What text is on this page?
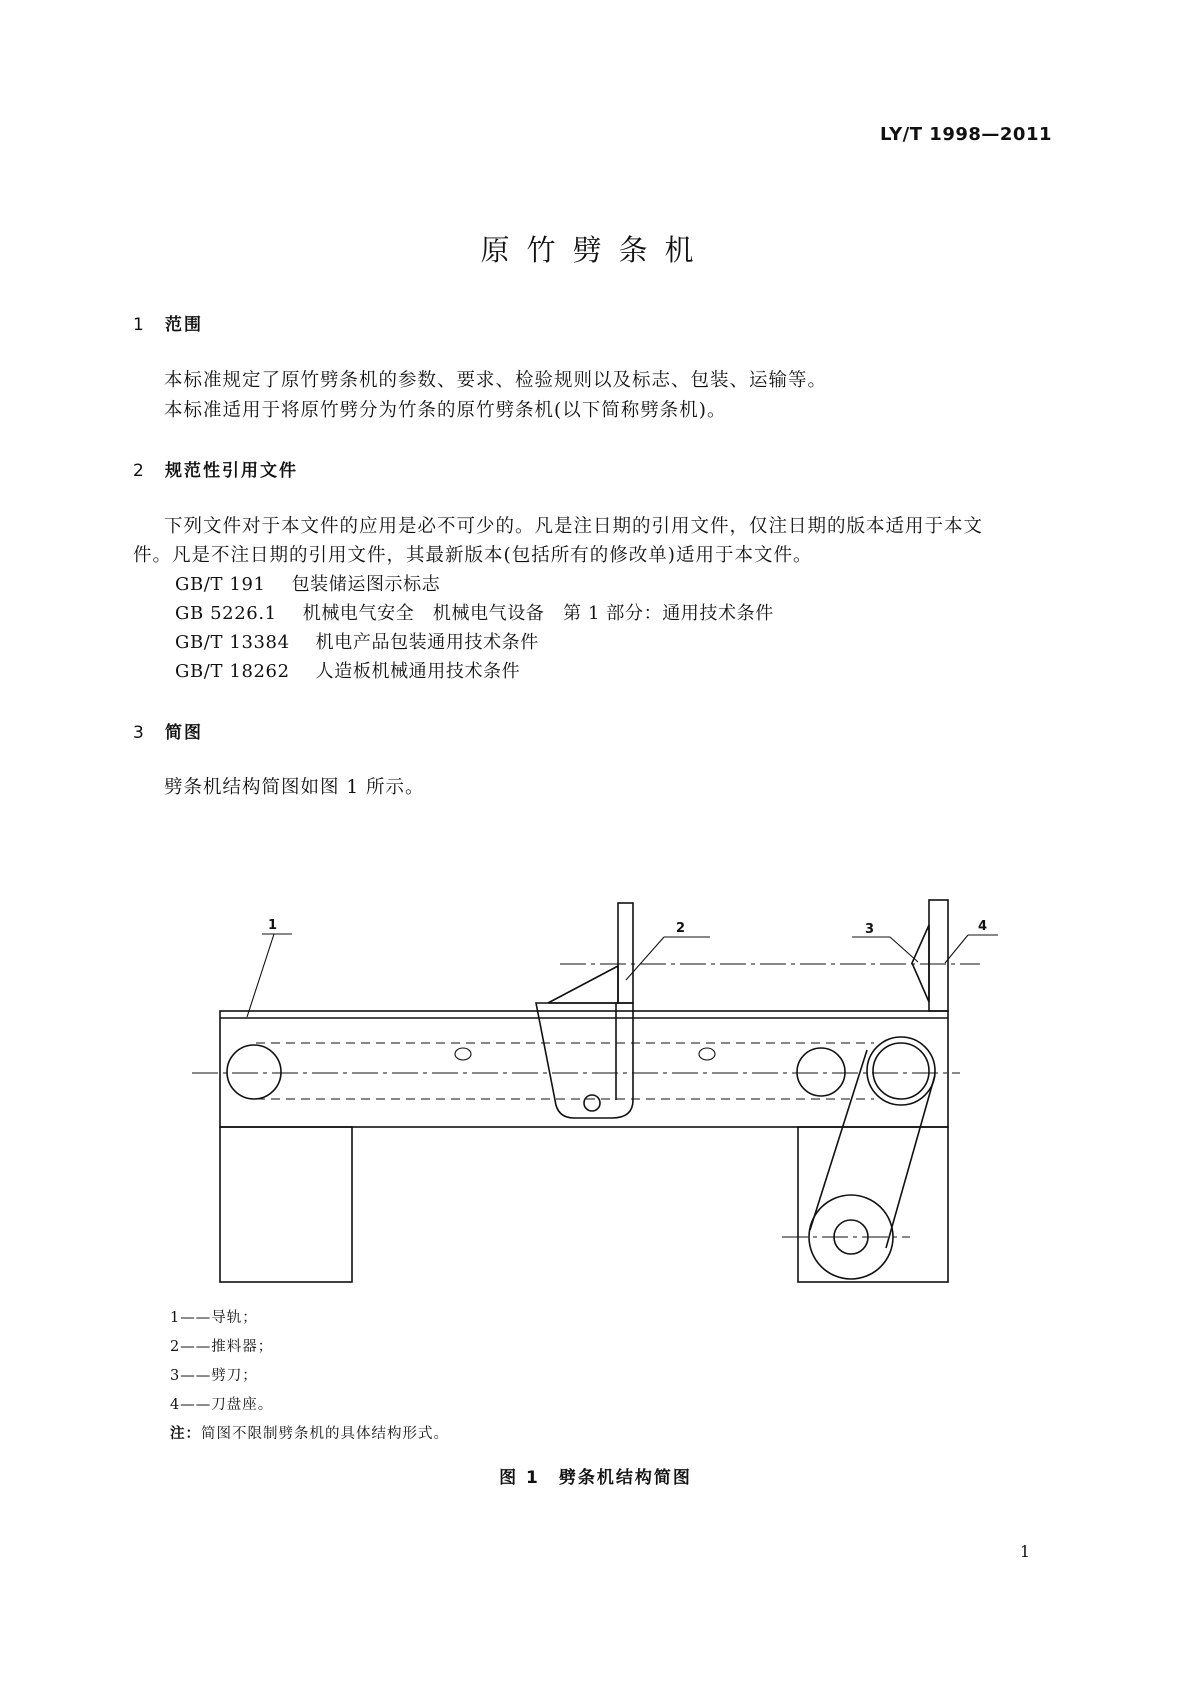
LY/T 1998—2011
原竹劈条机
1 范围
本标准规定了原竹劈条机的参数、要求、检验规则以及标志、包装、运输等。
本标准适用于将原竹劈分为竹条的原竹劈条机(以下简称劈条机)。
2 规范性引用文件
下列文件对于本文件的应用是必不可少的。凡是注日期的引用文件，仅注日期的版本适用于本文
件。凡是不注日期的引用文件，其最新版本(包括所有的修改单)适用于本文件。
GB/T 191 包装储运图示标志
GB 5226.1 机械电气安全　机械电气设备　第 1 部分：通用技术条件
GB/T 13384 机电产品包装通用技术条件
GB/T 18262 人造板机械通用技术条件
3 简图
劈条机结构简图如图 1 所示。
1	2	3	4
1——导轨；
2——推料器；
3——劈刀；
4——刀盘座。
注：简图不限制劈条机的具体结构形式。
图 1　劈条机结构简图
1
